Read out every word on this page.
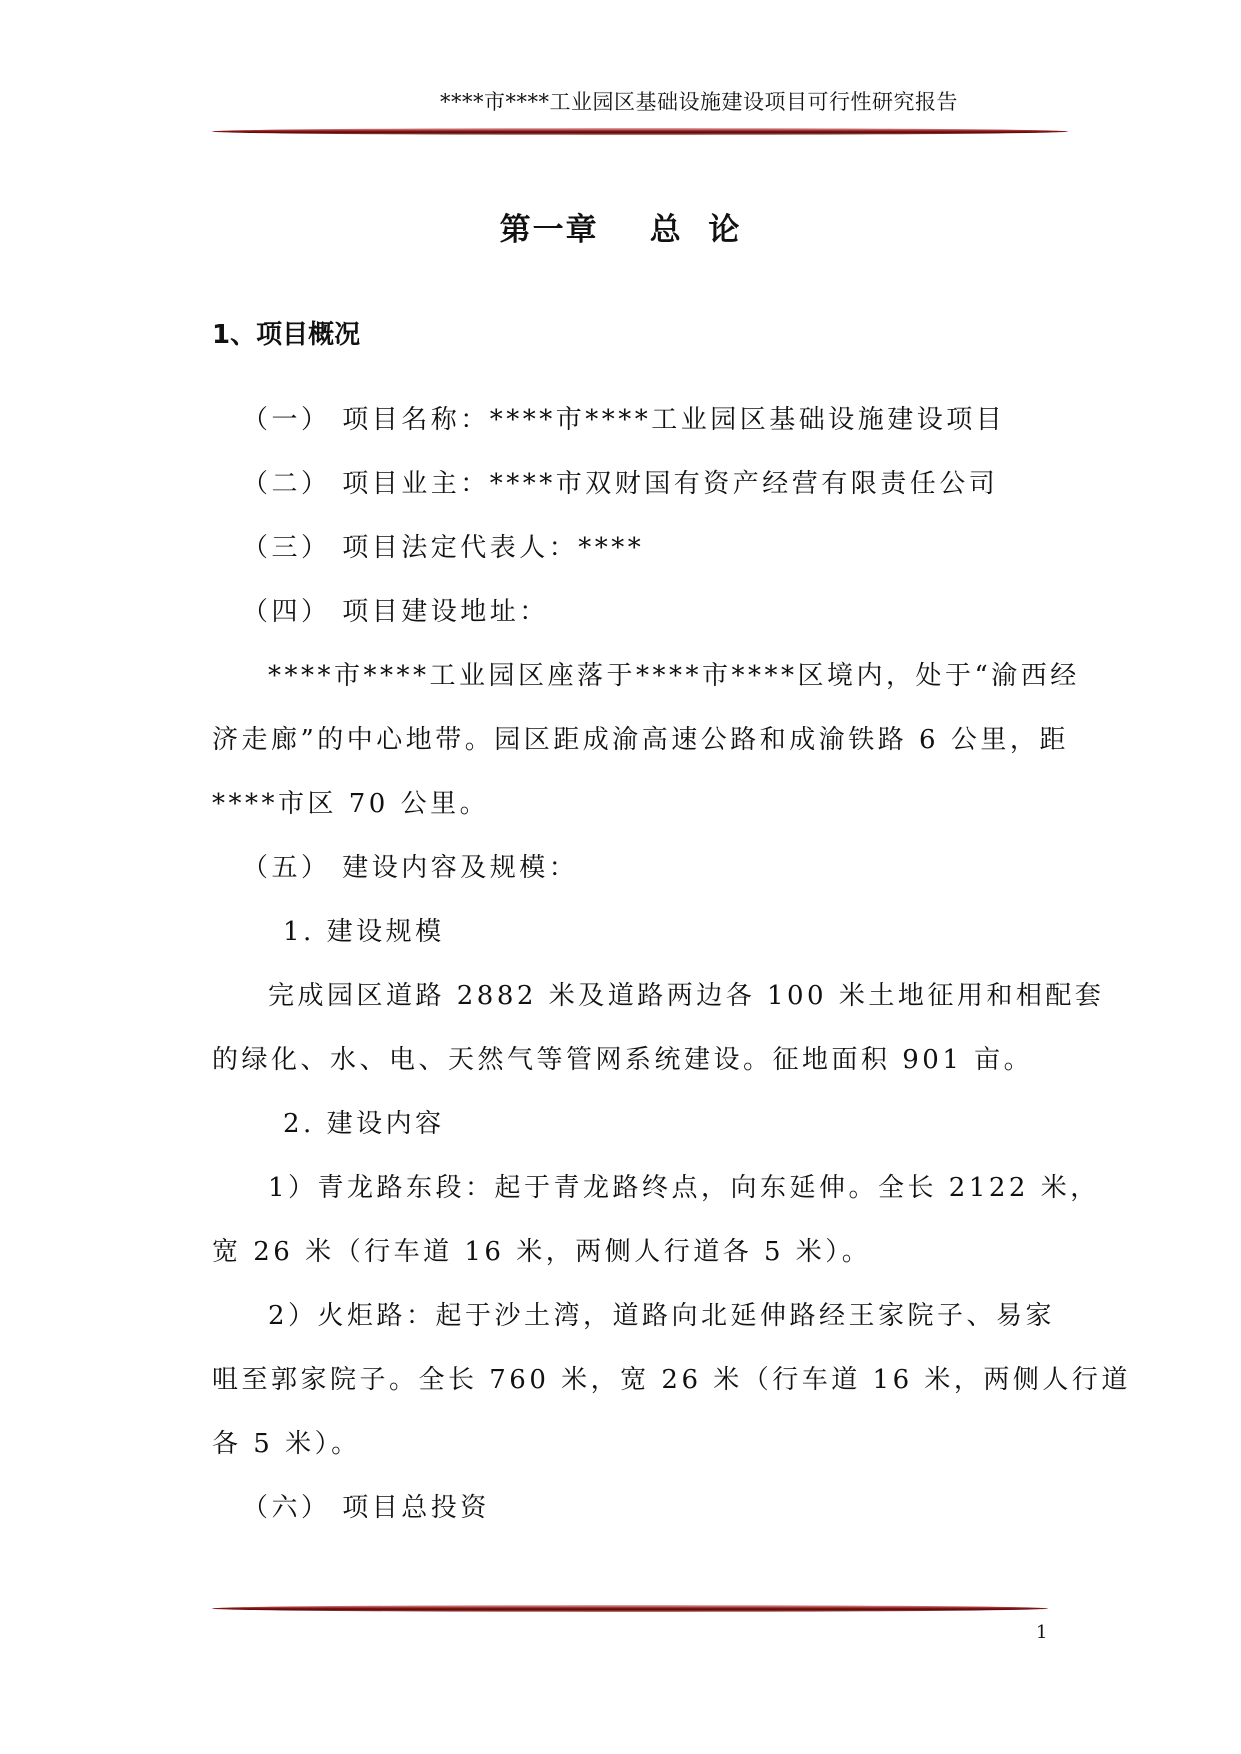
****市****工业园区基础设施建设项目可行性研究报告
第一章    总  论
1、项目概况
（一） 项目名称：****市****工业园区基础设施建设项目
（二） 项目业主：****市双财国有资产经营有限责任公司
（三） 项目法定代表人：****
（四） 项目建设地址：
****市****工业园区座落于****市****区境内，处于“渝西经
济走廊”的中心地带。园区距成渝高速公路和成渝铁路 6 公里，距
****市区 70 公里。
（五） 建设内容及规模：
1. 建设规模
完成园区道路 2882 米及道路两边各 100 米土地征用和相配套
的绿化、水、电、天然气等管网系统建设。征地面积 901 亩。
2. 建设内容
1）青龙路东段：起于青龙路终点，向东延伸。全长 2122 米，
宽 26 米（行车道 16 米，两侧人行道各 5 米）。
2）火炬路：起于沙土湾，道路向北延伸路经王家院子、易家
咀至郭家院子。全长 760 米，宽 26 米（行车道 16 米，两侧人行道
各 5 米）。
（六） 项目总投资
1
